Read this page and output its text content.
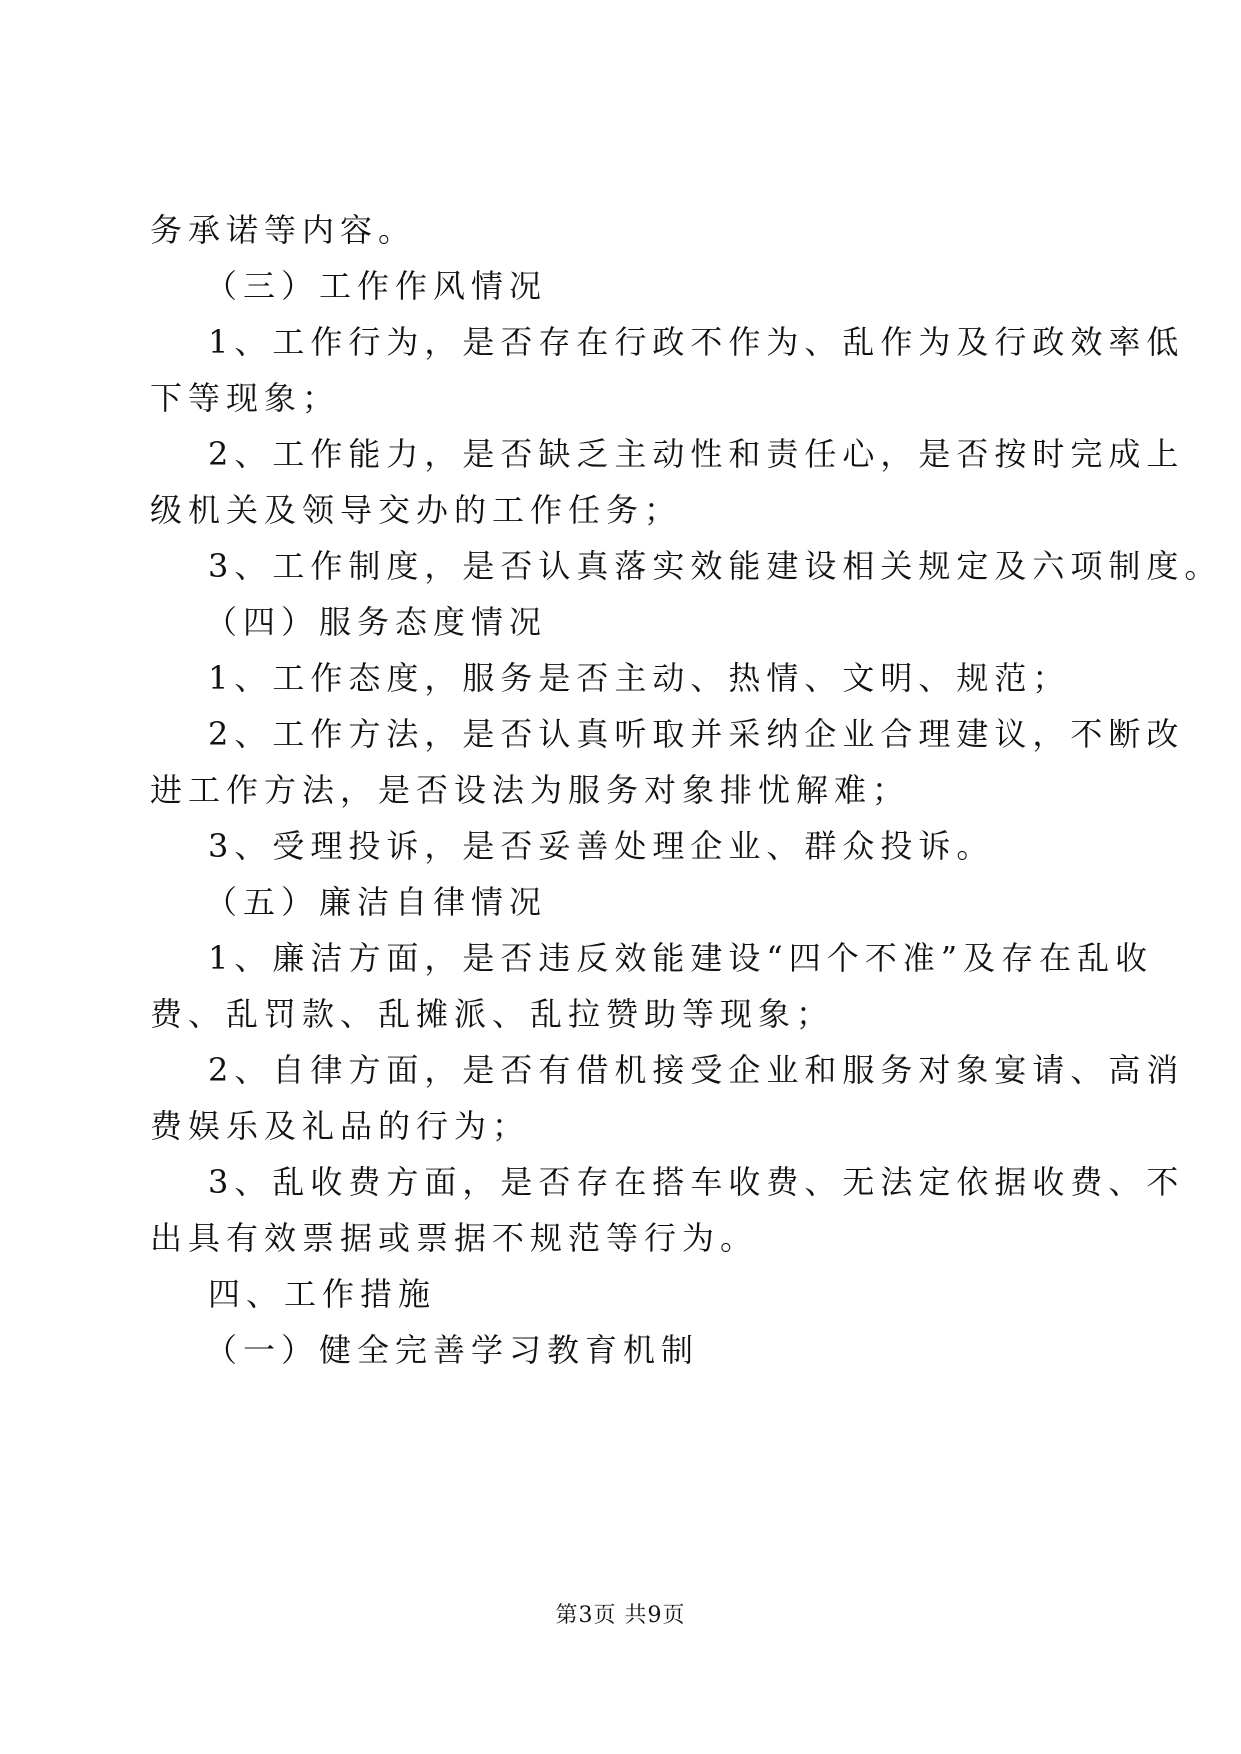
务承诺等内容。
（三）工作作风情况
1、工作行为，是否存在行政不作为、乱作为及行政效率低
下等现象；
2、工作能力，是否缺乏主动性和责任心，是否按时完成上
级机关及领导交办的工作任务；
3、工作制度，是否认真落实效能建设相关规定及六项制度。
（四）服务态度情况
1、工作态度，服务是否主动、热情、文明、规范；
2、工作方法，是否认真听取并采纳企业合理建议，不断改
进工作方法，是否设法为服务对象排忧解难；
3、受理投诉，是否妥善处理企业、群众投诉。
（五）廉洁自律情况
1、廉洁方面，是否违反效能建设“四个不准”及存在乱收
费、乱罚款、乱摊派、乱拉赞助等现象；
2、自律方面，是否有借机接受企业和服务对象宴请、高消
费娱乐及礼品的行为；
3、乱收费方面，是否存在搭车收费、无法定依据收费、不
出具有效票据或票据不规范等行为。
四、工作措施
（一）健全完善学习教育机制
第3页 共9页
